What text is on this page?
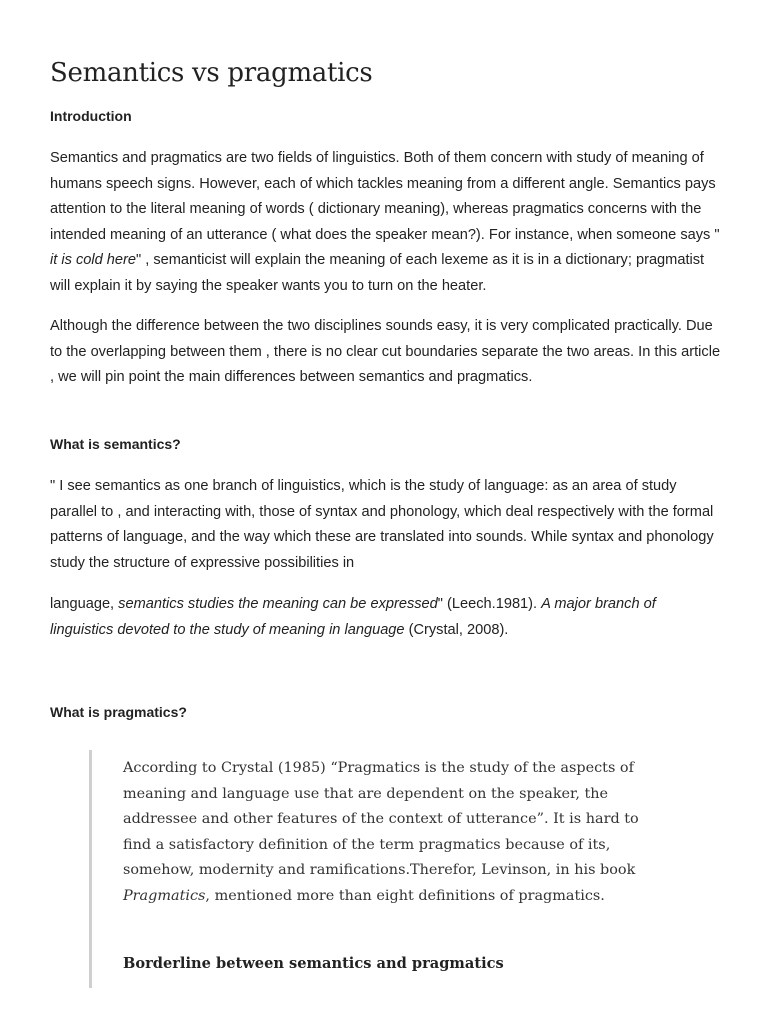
Semantics vs pragmatics
Introduction

Semantics and pragmatics are two fields of linguistics. Both of them concern with study of meaning of humans speech signs. However, each of which tackles meaning from a different angle. Semantics pays attention to the literal meaning of words ( dictionary meaning), whereas pragmatics concerns with the intended meaning of an utterance ( what does the speaker mean?). For instance, when someone says " it is cold here" , semanticist will explain the meaning of each lexeme as it is in a dictionary; pragmatist will explain it by saying the speaker wants you to turn on the heater.

Although the difference between the two disciplines sounds easy, it is very complicated practically. Due to the overlapping between them , there is no clear cut boundaries separate the two areas. In this article , we will pin point the main differences between semantics and pragmatics.

What is semantics?

" I see semantics as one branch of linguistics, which is the study of language: as an area of study parallel to , and interacting with, those of syntax and phonology, which deal respectively with the formal patterns of language, and the way which these are translated into sounds. While syntax and phonology study the structure of expressive possibilities in

language, semantics studies the meaning can be expressed" (Leech.1981). A major branch of linguistics devoted to the study of meaning in language (Crystal, 2008).

What is pragmatics?

According to Crystal (1985) “Pragmatics is the study of the aspects of meaning and language use that are dependent on the speaker, the addressee and other features of the context of utterance”. It is hard to find a satisfactory definition of the term pragmatics because of its, somehow, modernity and ramifications.Therefor, Levinson, in his book Pragmatics, mentioned more than eight definitions of pragmatics.

Borderline between semantics and pragmatics
